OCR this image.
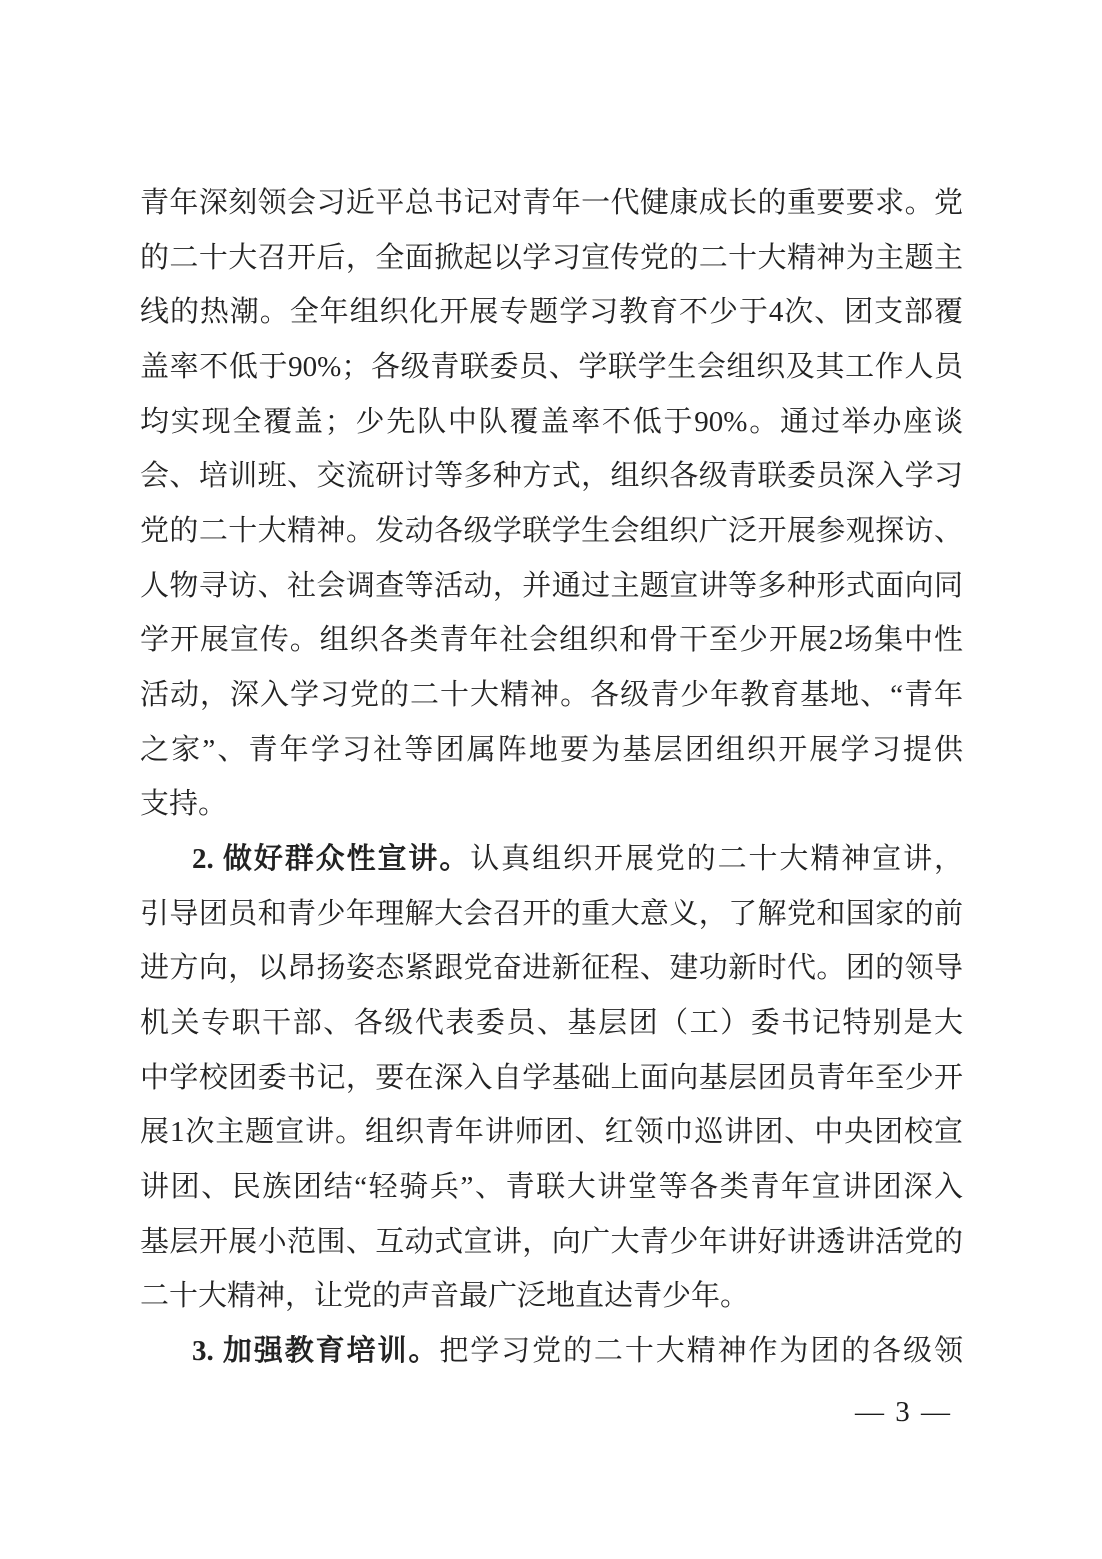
青年深刻领会习近平总书记对青年一代健康成长的重要要求。党
的二十大召开后，全面掀起以学习宣传党的二十大精神为主题主
线的热潮。全年组织化开展专题学习教育不少于4次、团支部覆
盖率不低于90%；各级青联委员、学联学生会组织及其工作人员
均实现全覆盖；少先队中队覆盖率不低于90%。通过举办座谈
会、培训班、交流研讨等多种方式，组织各级青联委员深入学习
党的二十大精神。发动各级学联学生会组织广泛开展参观探访、
人物寻访、社会调查等活动，并通过主题宣讲等多种形式面向同
学开展宣传。组织各类青年社会组织和骨干至少开展2场集中性
活动，深入学习党的二十大精神。各级青少年教育基地、“青年
之家”、青年学习社等团属阵地要为基层团组织开展学习提供
支持。
2. 做好群众性宣讲。认真组织开展党的二十大精神宣讲，
引导团员和青少年理解大会召开的重大意义，了解党和国家的前
进方向，以昂扬姿态紧跟党奋进新征程、建功新时代。团的领导
机关专职干部、各级代表委员、基层团（工）委书记特别是大
中学校团委书记，要在深入自学基础上面向基层团员青年至少开
展1次主题宣讲。组织青年讲师团、红领巾巡讲团、中央团校宣
讲团、民族团结“轻骑兵”、青联大讲堂等各类青年宣讲团深入
基层开展小范围、互动式宣讲，向广大青少年讲好讲透讲活党的
二十大精神，让党的声音最广泛地直达青少年。
3. 加强教育培训。把学习党的二十大精神作为团的各级领
— 3 —
